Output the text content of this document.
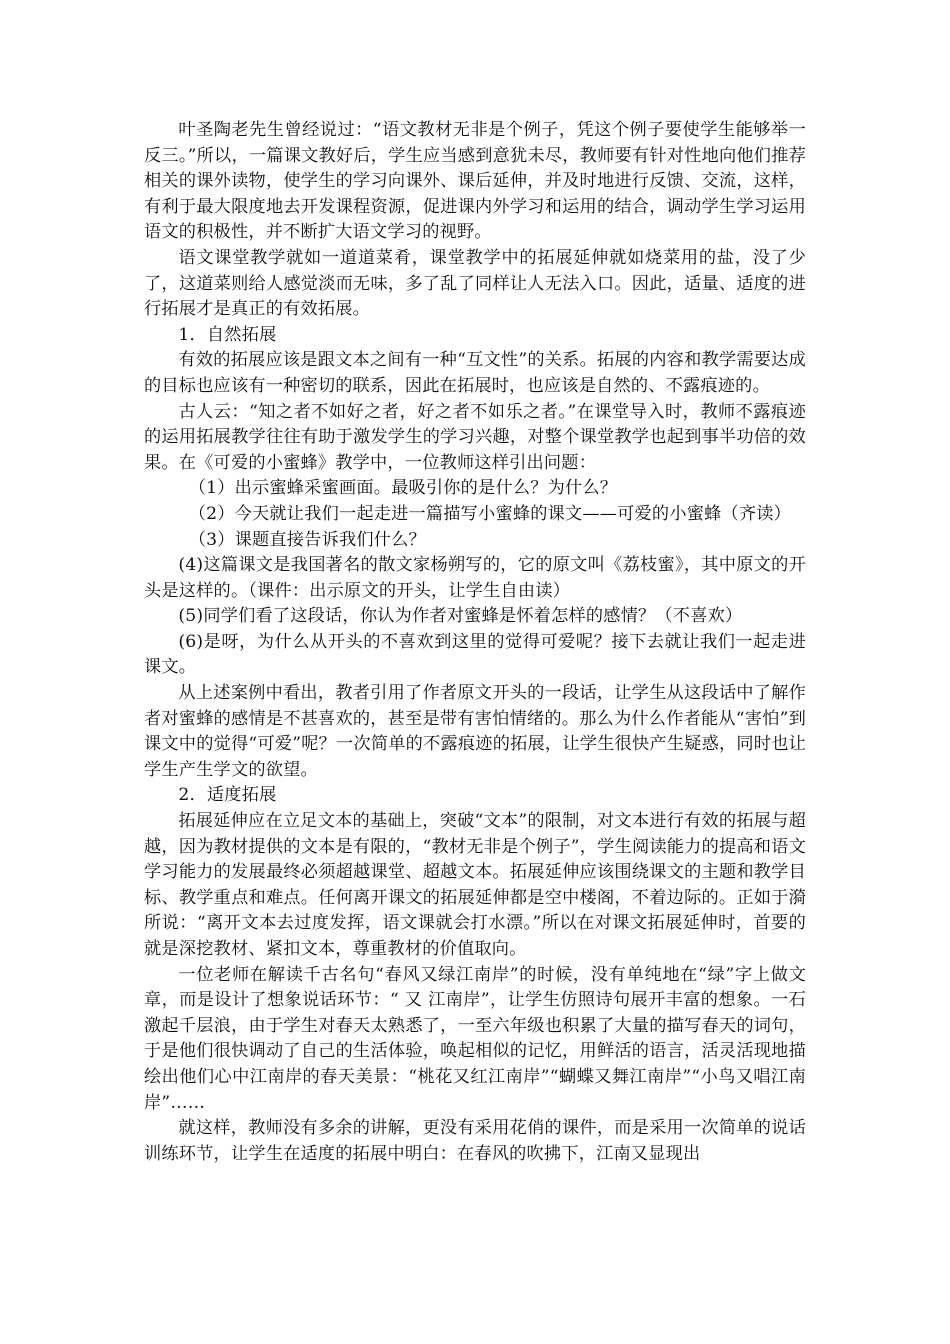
叶圣陶老先生曾经说过：“语文教材无非是个例子，凭这个例子要使学生能够举一反三。”所以，一篇课文教好后，学生应当感到意犹未尽，教师要有针对性地向他们推荐相关的课外读物，使学生的学习向课外、课后延伸，并及时地进行反馈、交流，这样，有利于最大限度地去开发课程资源，促进课内外学习和运用的结合，调动学生学习运用语文的积极性，并不断扩大语文学习的视野。

语文课堂教学就如一道道菜肴，课堂教学中的拓展延伸就如烧菜用的盐，没了少了，这道菜则给人感觉淡而无味，多了乱了同样让人无法入口。因此，适量、适度的进行拓展才是真正的有效拓展。

1．自然拓展

有效的拓展应该是跟文本之间有一种“互文性”的关系。拓展的内容和教学需要达成的目标也应该有一种密切的联系，因此在拓展时，也应该是自然的、不露痕迹的。

古人云：“知之者不如好之者，好之者不如乐之者。”在课堂导入时，教师不露痕迹的运用拓展教学往往有助于激发学生的学习兴趣，对整个课堂教学也起到事半功倍的效果。在《可爱的小蜜蜂》教学中，一位教师这样引出问题：

（1）出示蜜蜂采蜜画面。最吸引你的是什么？为什么？

（2）今天就让我们一起走进一篇描写小蜜蜂的课文——可爱的小蜜蜂（齐读）

（3）课题直接告诉我们什么？

(4)这篇课文是我国著名的散文家杨朔写的，它的原文叫《荔枝蜜》，其中原文的开头是这样的。（课件：出示原文的开头，让学生自由读）

(5)同学们看了这段话，你认为作者对蜜蜂是怀着怎样的感情？（不喜欢）

(6)是呀，为什么从开头的不喜欢到这里的觉得可爱呢？接下去就让我们一起走进课文。

从上述案例中看出，教者引用了作者原文开头的一段话，让学生从这段话中了解作者对蜜蜂的感情是不甚喜欢的，甚至是带有害怕情绪的。那么为什么作者能从“害怕”到课文中的觉得“可爱”呢？一次简单的不露痕迹的拓展，让学生很快产生疑惑，同时也让学生产生学文的欲望。

2．适度拓展

拓展延伸应在立足文本的基础上，突破“文本”的限制，对文本进行有效的拓展与超越，因为教材提供的文本是有限的，“教材无非是个例子”，学生阅读能力的提高和语文学习能力的发展最终必须超越课堂、超越文本。拓展延伸应该围绕课文的主题和教学目标、教学重点和难点。任何离开课文的拓展延伸都是空中楼阁，不着边际的。正如于漪所说：“离开文本去过度发挥，语文课就会打水漂。”所以在对课文拓展延伸时，首要的就是深挖教材、紧扣文本，尊重教材的价值取向。

一位老师在解读千古名句“春风又绿江南岸”的时候，没有单纯地在“绿”字上做文章，而是设计了想象说话环节：“ 又 江南岸”，让学生仿照诗句展开丰富的想象。一石激起千层浪，由于学生对春天太熟悉了，一至六年级也积累了大量的描写春天的词句，于是他们很快调动了自己的生活体验，唤起相似的记忆，用鲜活的语言，活灵活现地描绘出他们心中江南岸的春天美景：“桃花又红江南岸”“蝴蝶又舞江南岸”“小鸟又唱江南岸”……

就这样，教师没有多余的讲解，更没有采用花俏的课件，而是采用一次简单的说话训练环节，让学生在适度的拓展中明白：在春风的吹拂下，江南又显现出
